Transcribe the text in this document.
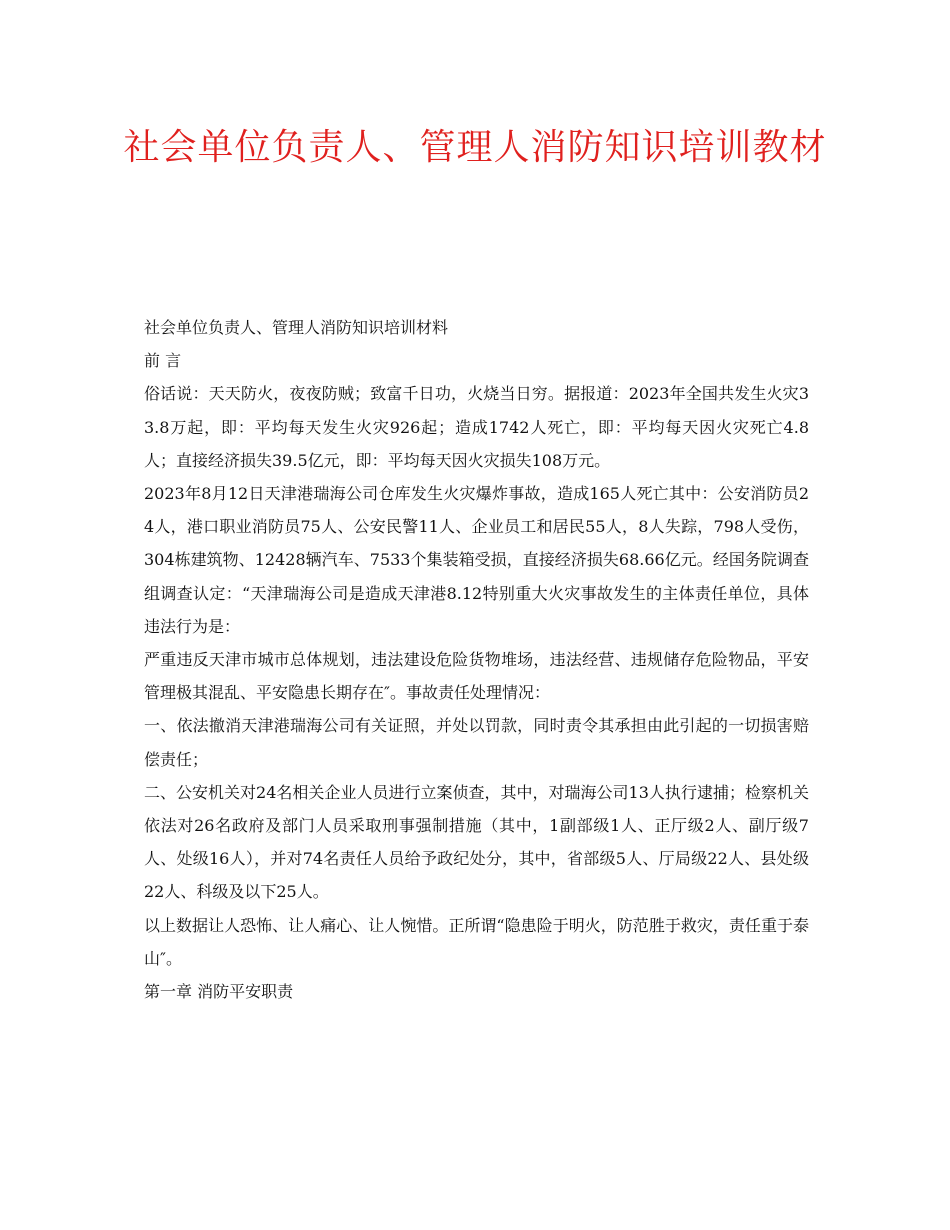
社会单位负责人、管理人消防知识培训教材

社会单位负责人、管理人消防知识培训材料

前 言

俗话说：天天防火，夜夜防贼；致富千日功，火烧当日穷。据报道：2023年全国共发生火灾33.8万起，即：平均每天发生火灾926起；造成1742人死亡，即：平均每天因火灾死亡4.8人；直接经济损失39.5亿元，即：平均每天因火灾损失108万元。

2023年8月12日天津港瑞海公司仓库发生火灾爆炸事故，造成165人死亡其中：公安消防员24人，港口职业消防员75人、公安民警11人、企业员工和居民55人，8人失踪，798人受伤，304栋建筑物、12428辆汽车、7533个集装箱受损，直接经济损失68.66亿元。经国务院调查组调查认定：“天津瑞海公司是造成天津港8.12特别重大火灾事故发生的主体责任单位，具体违法行为是：

严重违反天津市城市总体规划，违法建设危险货物堆场，违法经营、违规储存危险物品，平安管理极其混乱、平安隐患长期存在″。事故责任处理情况：

一、依法撤消天津港瑞海公司有关证照，并处以罚款，同时责令其承担由此引起的一切损害赔偿责任；

二、公安机关对24名相关企业人员进行立案侦查，其中，对瑞海公司13人执行逮捕；检察机关依法对26名政府及部门人员采取刑事强制措施（其中，1副部级1人、正厅级2人、副厅级7人、处级16人），并对74名责任人员给予政纪处分，其中，省部级5人、厅局级22人、县处级22人、科级及以下25人。

以上数据让人恐怖、让人痛心、让人惋惜。正所谓“隐患险于明火，防范胜于救灾，责任重于泰山″。

第一章 消防平安职责
